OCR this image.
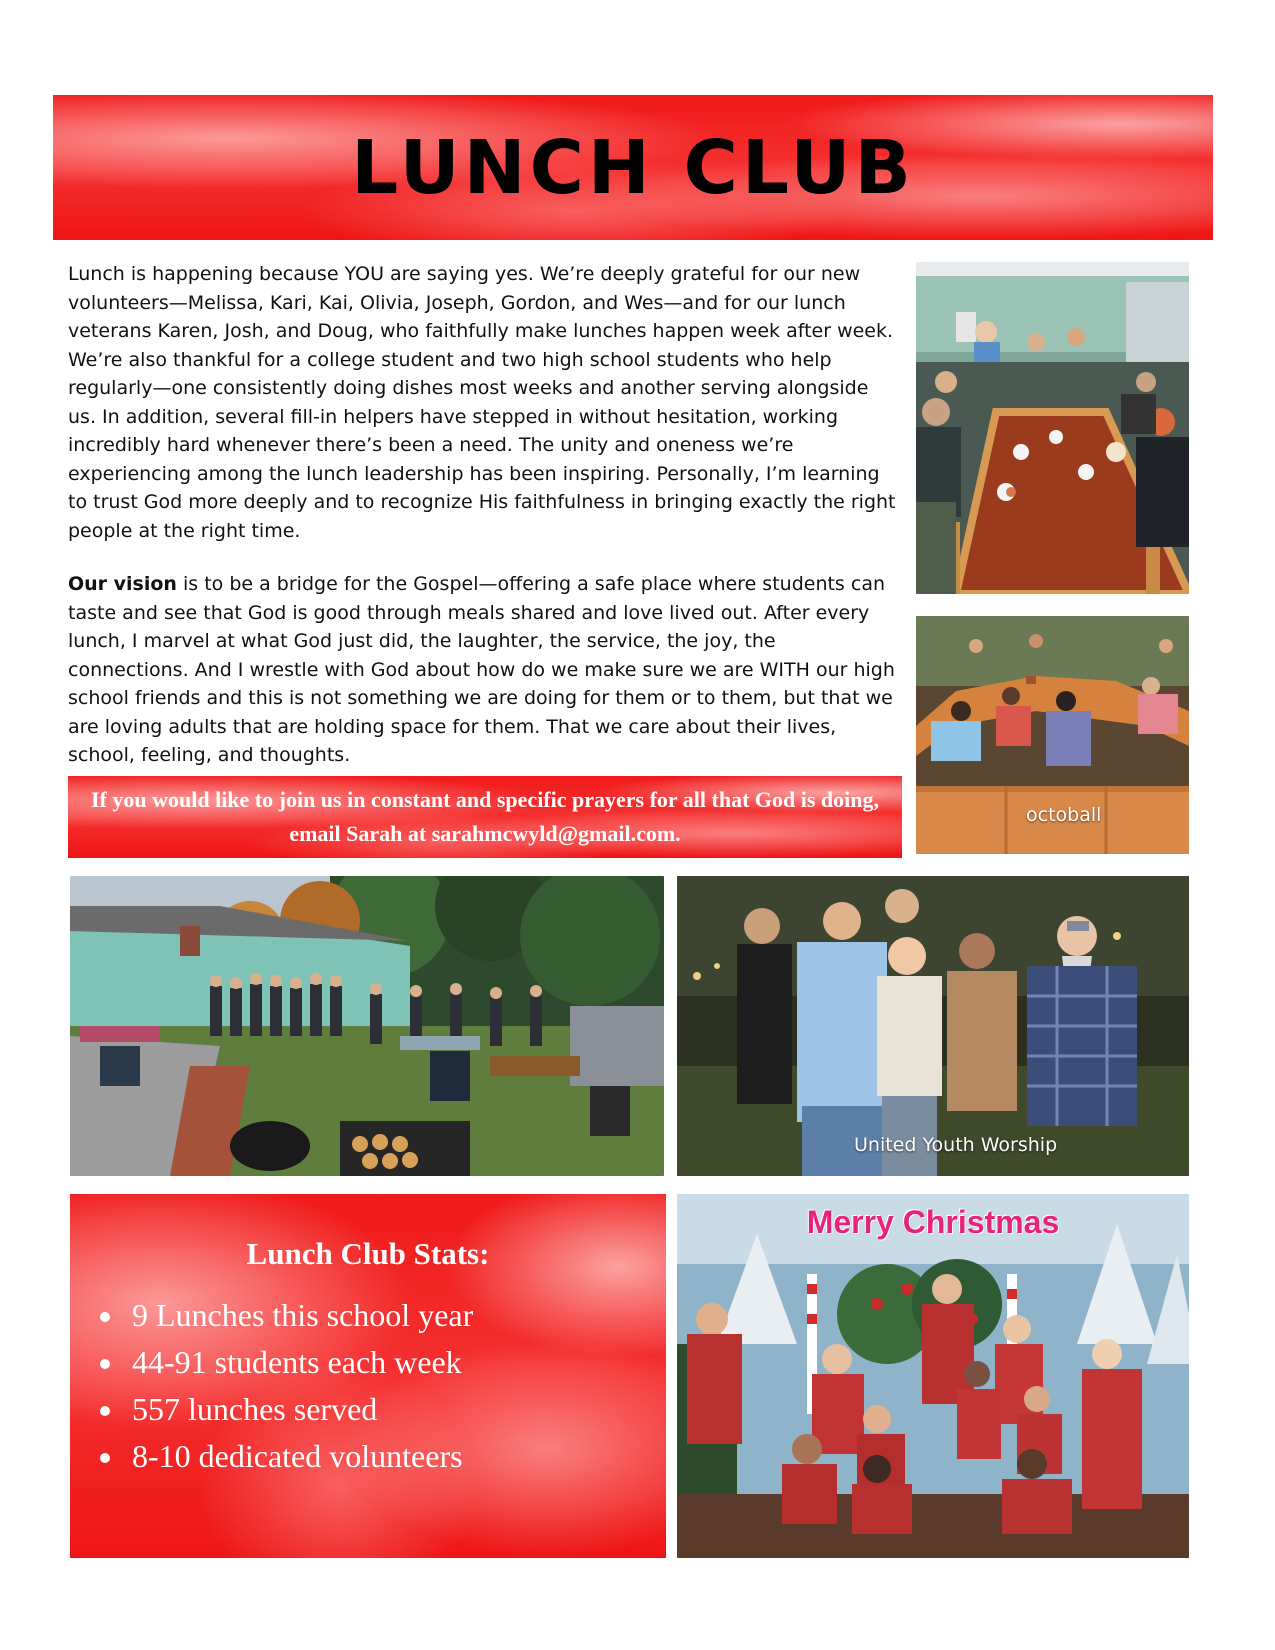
LUNCH CLUB

Lunch is happening because YOU are saying yes. We’re deeply grateful for our new volunteers—Melissa, Kari, Kai, Olivia, Joseph, Gordon, and Wes—and for our lunch veterans Karen, Josh, and Doug, who faithfully make lunches happen week after week. We’re also thankful for a college student and two high school students who help regularly—one consistently doing dishes most weeks and another serving alongside us. In addition, several fill-in helpers have stepped in without hesitation, working incredibly hard whenever there’s been a need. The unity and oneness we’re experiencing among the lunch leadership has been inspiring. Personally, I’m learning to trust God more deeply and to recognize His faithfulness in bringing exactly the right people at the right time.

Our vision is to be a bridge for the Gospel—offering a safe place where students can taste and see that God is good through meals shared and love lived out. After every lunch, I marvel at what God just did, the laughter, the service, the joy, the connections. And I wrestle with God about how do we make sure we are WITH our high school friends and this is not something we are doing for them or to them, but that we are loving adults that are holding space for them. That we care about their lives, school, feeling, and thoughts.

If you would like to join us in constant and specific prayers for all that God is doing, email Sarah at sarahmcwyld@gmail.com.

octoball
United Youth Worship
Lunch Club Stats:
• 9 Lunches this school year
• 44-91 students each week
• 557 lunches served
• 8-10 dedicated volunteers
Merry Christmas
